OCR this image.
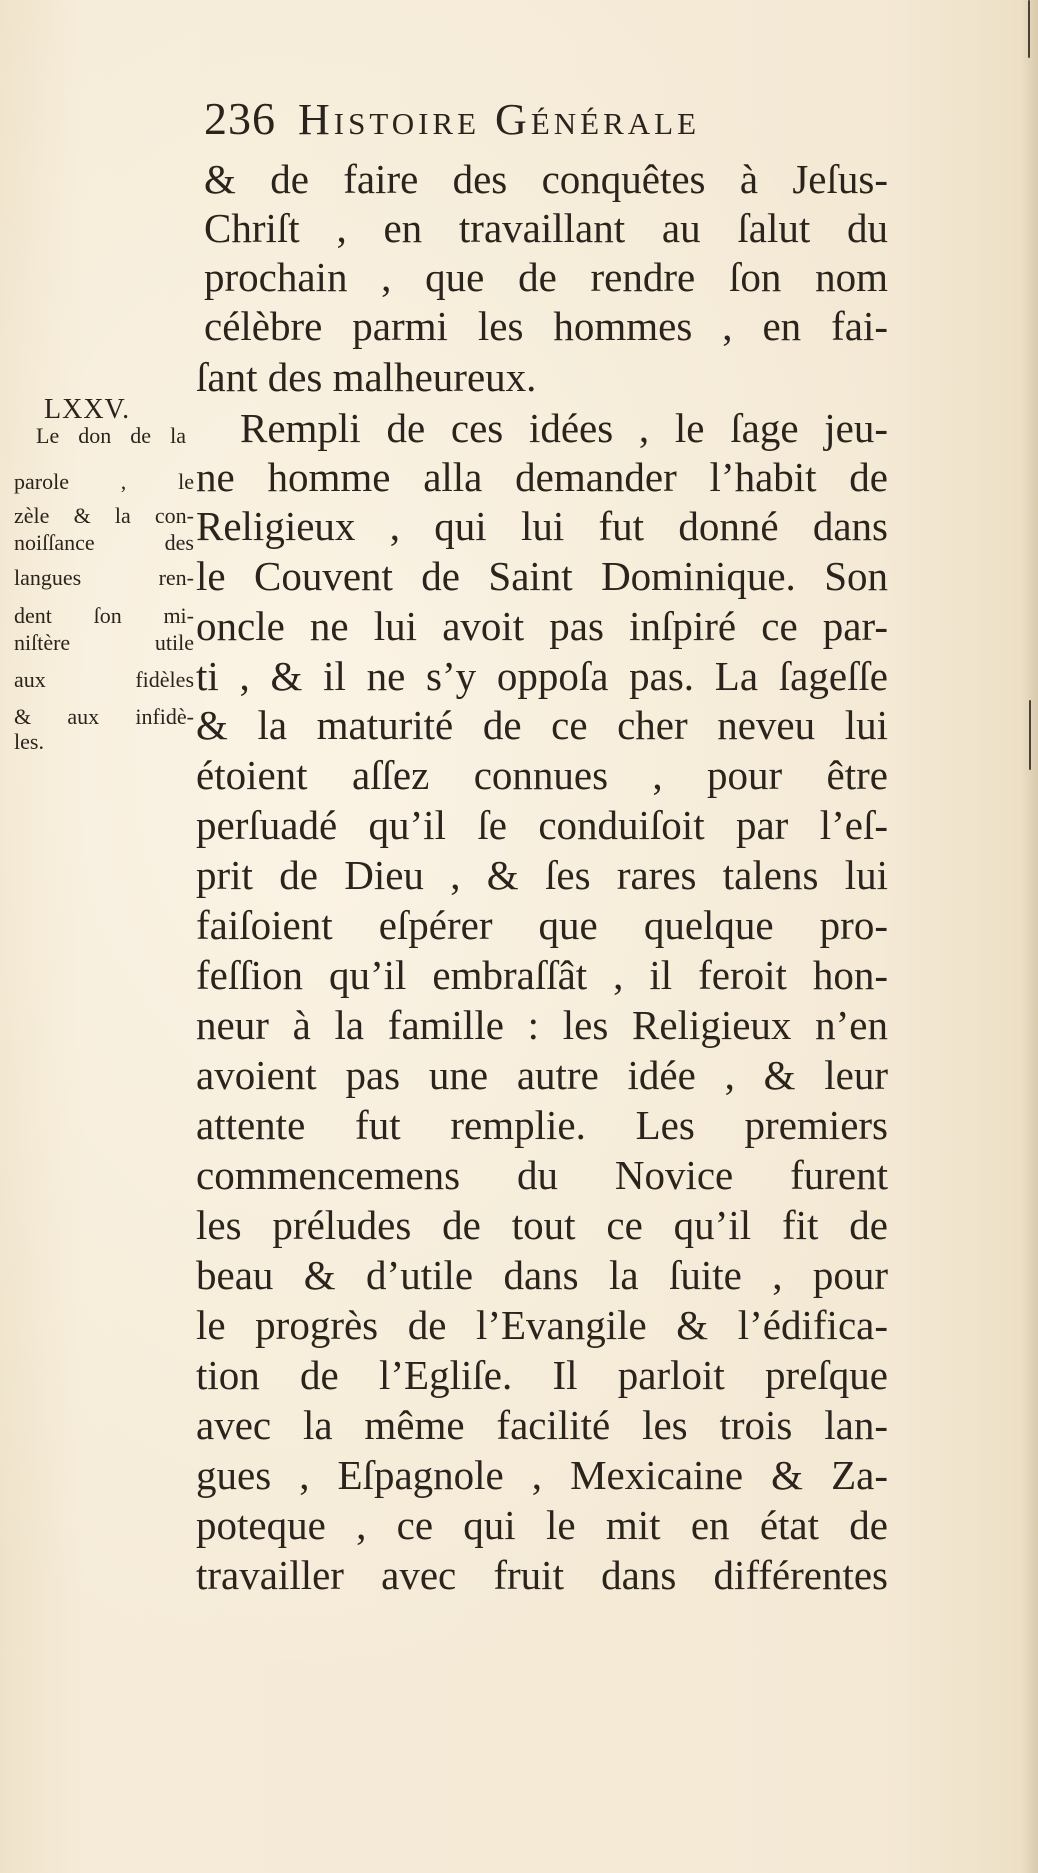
236 Histoire Générale
LXXV.
Le don de la
parole , le
zèle & la con-
noiſſance des
langues ren-
dent ſon mi-
niſtère utile
aux fidèles
& aux infidè-
les.
& de faire des conquêtes à Jeſus-
Chriſt , en travaillant au ſalut du
prochain , que de rendre ſon nom
célèbre parmi les hommes , en fai-
ſant des malheureux.
Rempli de ces idées , le ſage jeu-
ne homme alla demander l’habit de
Religieux , qui lui fut donné dans
le Couvent de Saint Dominique. Son
oncle ne lui avoit pas inſpiré ce par-
ti , & il ne s’y oppoſa pas. La ſageſſe
& la maturité de ce cher neveu lui
étoient aſſez connues , pour être
perſuadé qu’il ſe conduiſoit par l’eſ-
prit de Dieu , & ſes rares talens lui
faiſoient eſpérer que quelque pro-
feſſion qu’il embraſſât , il feroit hon-
neur à la famille : les Religieux n’en
avoient pas une autre idée , & leur
attente fut remplie. Les premiers
commencemens du Novice furent
les préludes de tout ce qu’il fit de
beau & d’utile dans la ſuite , pour
le progrès de l’Evangile & l’édifica-
tion de l’Egliſe. Il parloit preſque
avec la même facilité les trois lan-
gues , Eſpagnole , Mexicaine & Za-
poteque , ce qui le mit en état de
travailler avec fruit dans différentes
